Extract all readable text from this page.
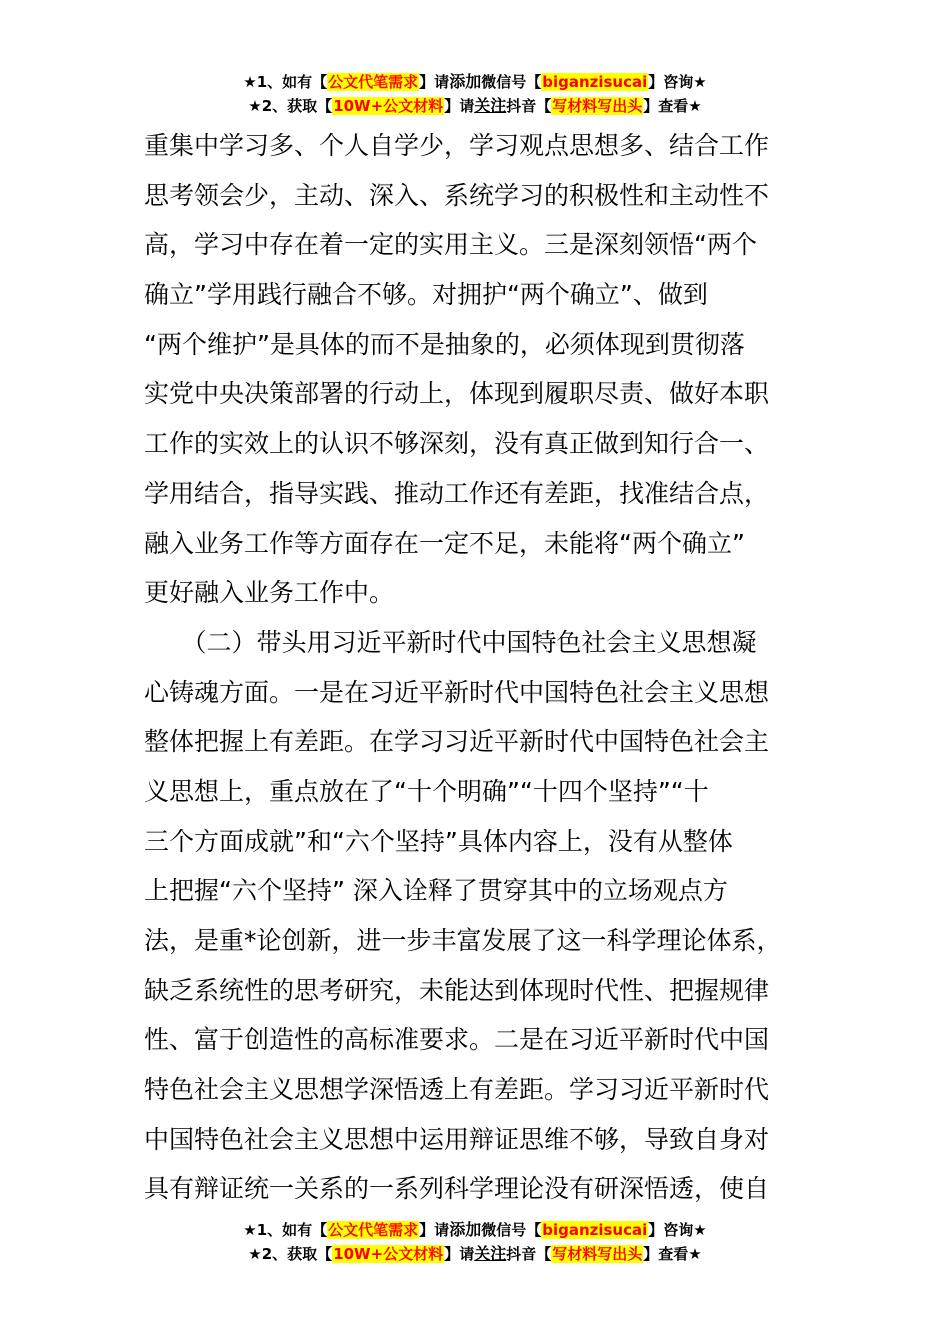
★1、如有【公文代笔需求】请添加微信号【biganzisucai】咨询★
★2、获取【10W+公文材料】请关注抖音【写材料写出头】查看★
重集中学习多、个人自学少，学习观点思想多、结合工作
思考领会少，主动、深入、系统学习的积极性和主动性不
高，学习中存在着一定的实用主义。三是深刻领悟“两个
确立”学用践行融合不够。对拥护“两个确立”、做到
“两个维护”是具体的而不是抽象的，必须体现到贯彻落
实党中央决策部署的行动上，体现到履职尽责、做好本职
工作的实效上的认识不够深刻，没有真正做到知行合一、
学用结合，指导实践、推动工作还有差距，找准结合点，
融入业务工作等方面存在一定不足，未能将“两个确立”
更好融入业务工作中。
　　（二）带头用习近平新时代中国特色社会主义思想凝
心铸魂方面。一是在习近平新时代中国特色社会主义思想
整体把握上有差距。在学习习近平新时代中国特色社会主
义思想上，重点放在了“十个明确”“十四个坚持”“十
三个方面成就”和“六个坚持”具体内容上，没有从整体
上把握“六个坚持” 深入诠释了贯穿其中的立场观点方
法，是重*论创新，进一步丰富发展了这一科学理论体系，
缺乏系统性的思考研究，未能达到体现时代性、把握规律
性、富于创造性的高标准要求。二是在习近平新时代中国
特色社会主义思想学深悟透上有差距。学习习近平新时代
中国特色社会主义思想中运用辩证思维不够，导致自身对
具有辩证统一关系的一系列科学理论没有研深悟透，使自
★1、如有【公文代笔需求】请添加微信号【biganzisucai】咨询★
★2、获取【10W+公文材料】请关注抖音【写材料写出头】查看★
